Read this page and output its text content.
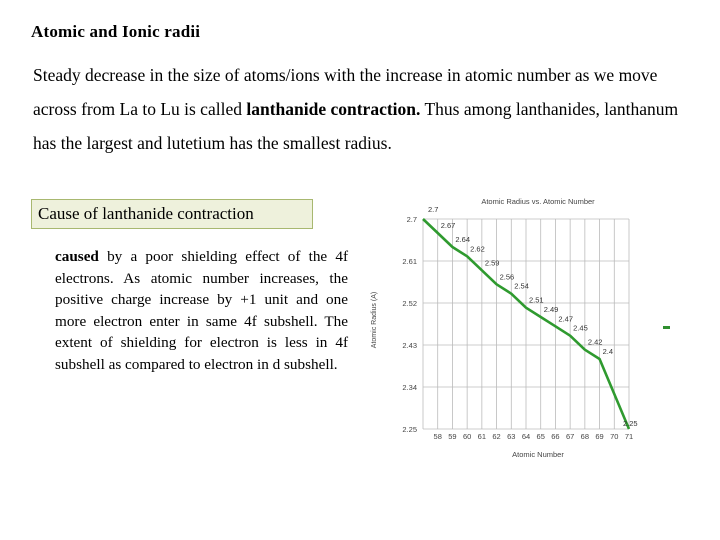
Atomic and Ionic radii

Steady decrease in the size of atoms/ions with the increase in atomic number as we move across from La to Lu is called lanthanide contraction. Thus among lanthanides, lanthanum has the largest and lutetium has the smallest radius.

Cause of lanthanide contraction

caused by a poor shielding effect of the 4f electrons. As atomic number increases, the positive charge increase by +1 unit and one more electron enter in same 4f subshell. The extent of shielding for electron is less in 4f subshell as compared to electron in d subshell.

2.7
2.61
2.52
2.43
2.34
2.25
58 59 60 61 62 63 64 65 66 67 68 69 70 71
2.7
2.67
2.64
2.62
2.59
2.56
2.54
2.51
2.49
2.47
2.45
2.42
2.4
2.25
Atomic Radius vs. Atomic Number
Atomic Number
Atomic Radius (A)
